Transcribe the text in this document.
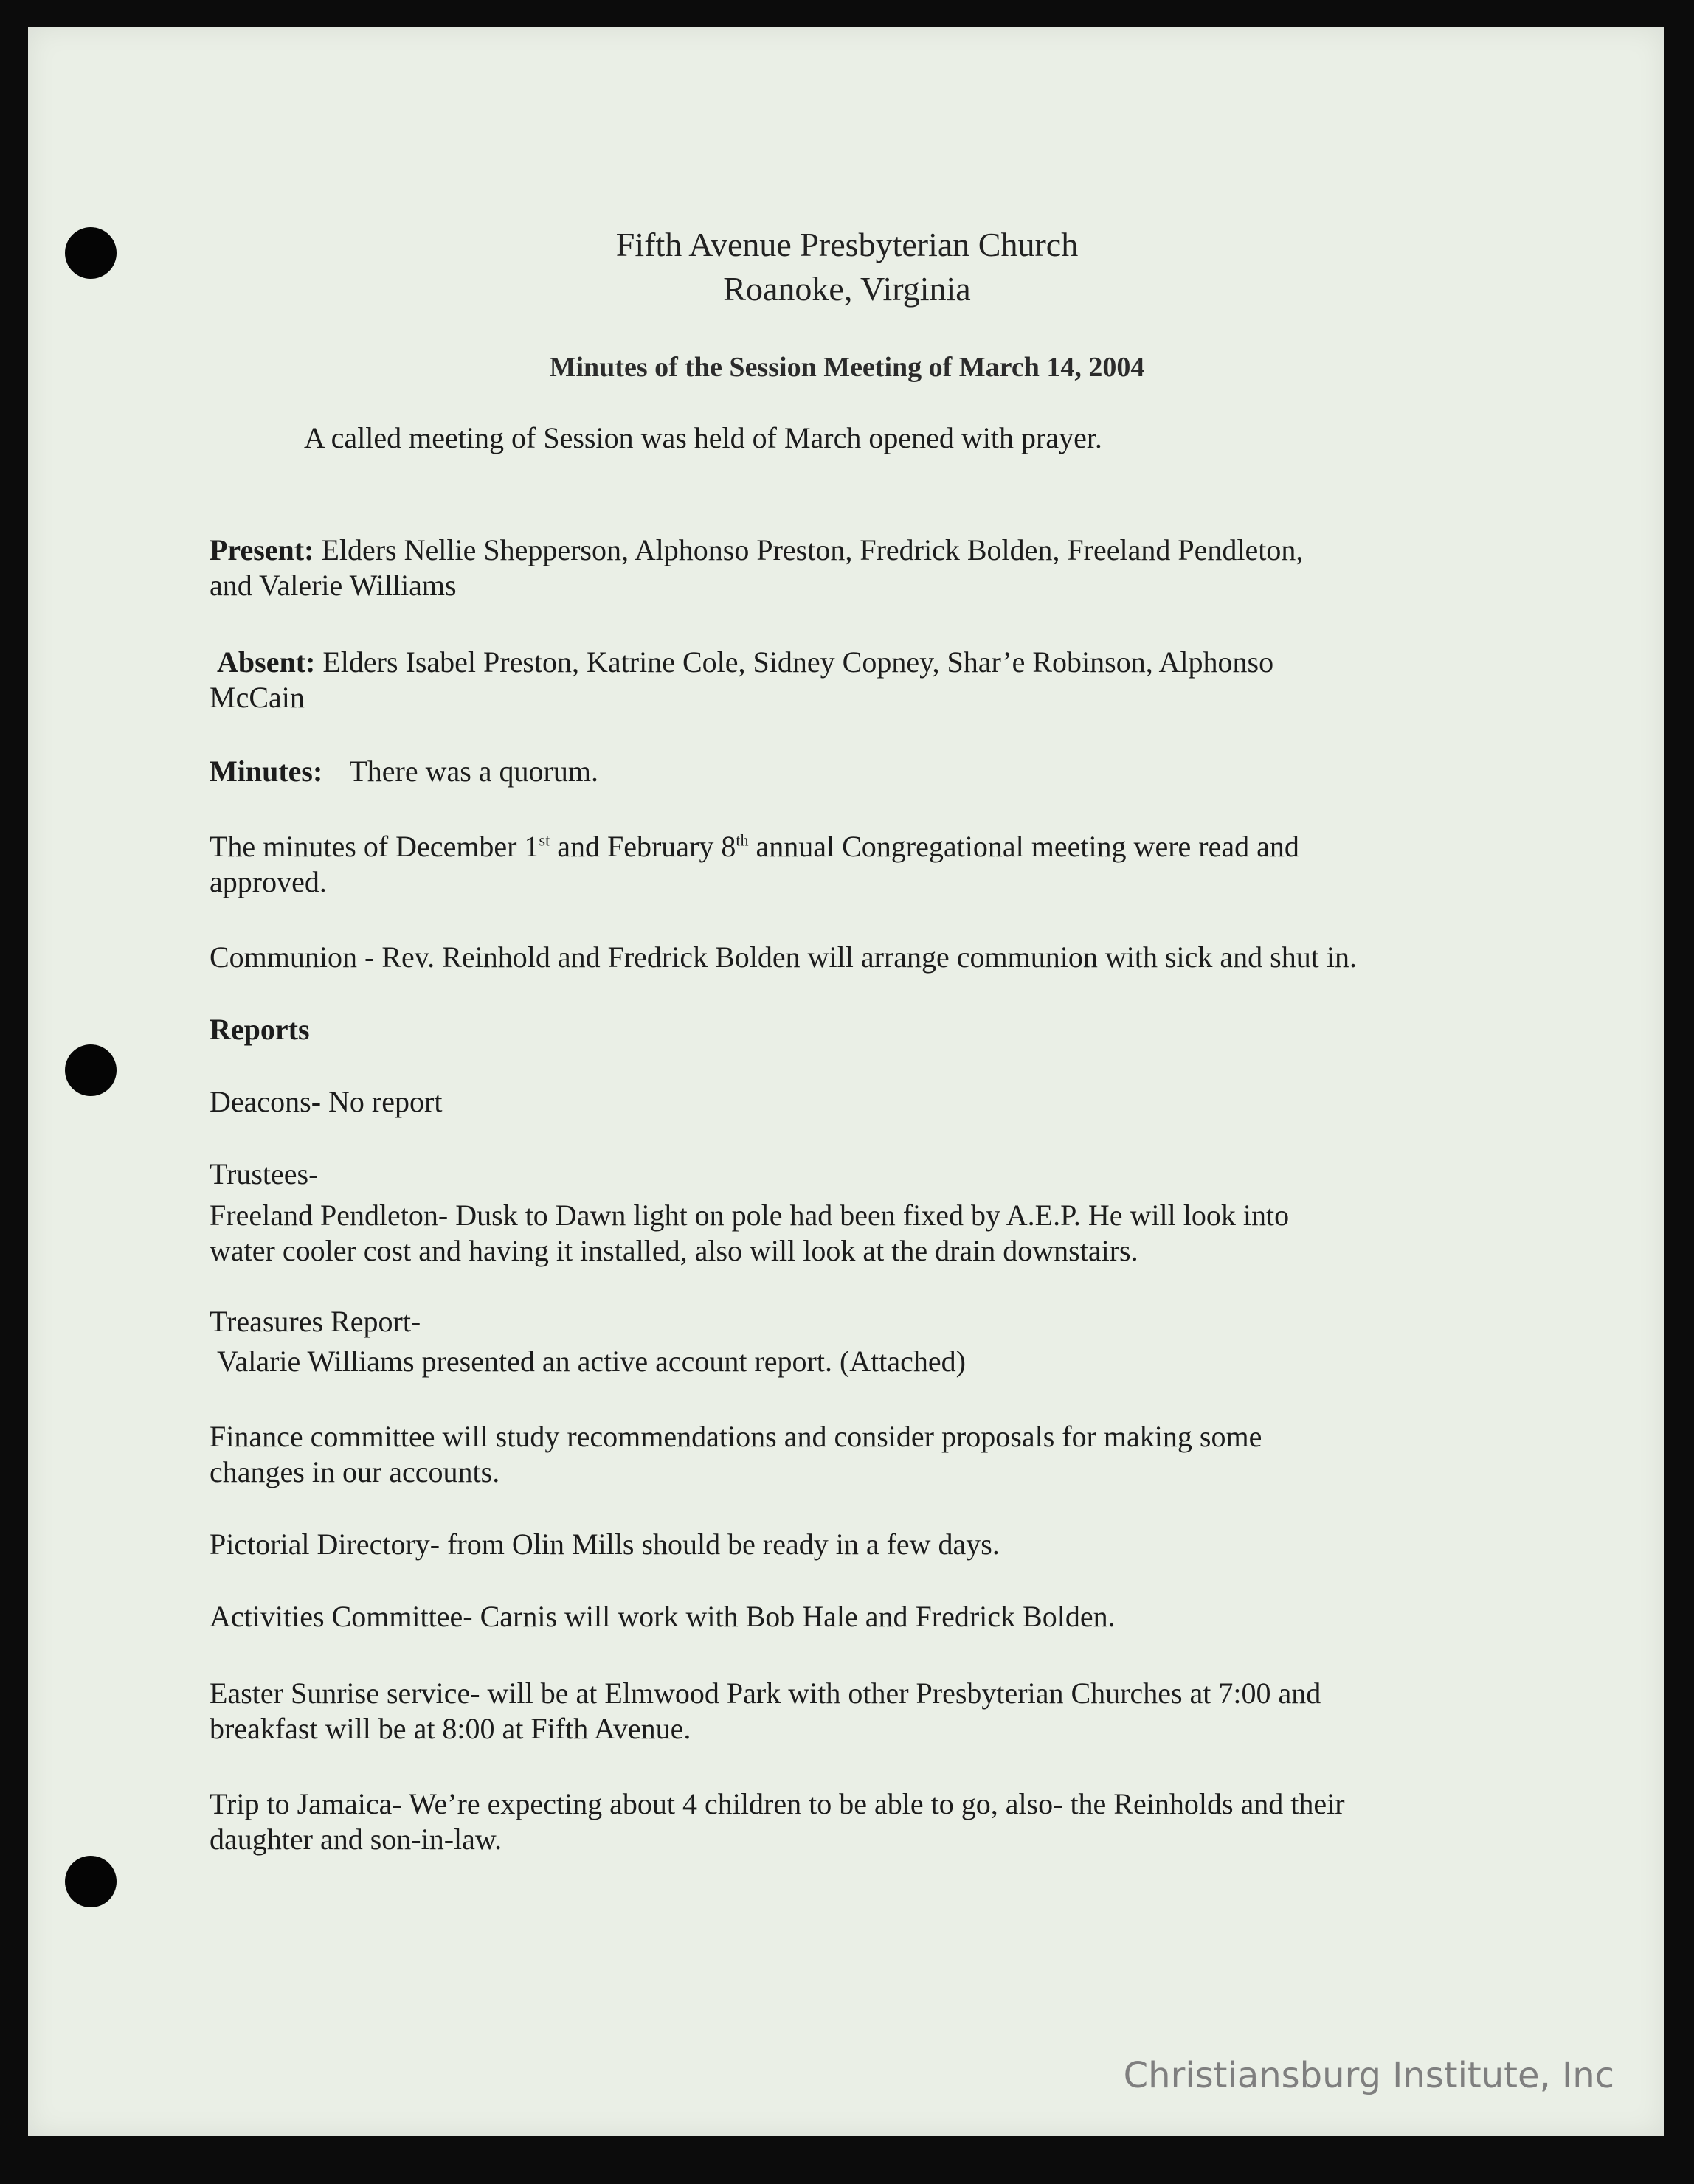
Fifth Avenue Presbyterian Church
Roanoke, Virginia
Minutes of the Session Meeting of March 14, 2004
A called meeting of Session was held of March opened with prayer.
Present: Elders Nellie Shepperson, Alphonso Preston, Fredrick Bolden, Freeland Pendleton,
and Valerie Williams
Absent: Elders Isabel Preston, Katrine Cole, Sidney Copney, Shar’e Robinson, Alphonso
McCain
Minutes: There was a quorum.
The minutes of December 1st and February 8th annual Congregational meeting were read and
approved.
Communion - Rev. Reinhold and Fredrick Bolden will arrange communion with sick and shut in.
Reports
Deacons- No report
Trustees-
Freeland Pendleton- Dusk to Dawn light on pole had been fixed by A.E.P. He will look into
water cooler cost and having it installed, also will look at the drain downstairs.
Treasures Report-
Valarie Williams presented an active account report. (Attached)
Finance committee will study recommendations and consider proposals for making some
changes in our accounts.
Pictorial Directory- from Olin Mills should be ready in a few days.
Activities Committee- Carnis will work with Bob Hale and Fredrick Bolden.
Easter Sunrise service- will be at Elmwood Park with other Presbyterian Churches at 7:00 and
breakfast will be at 8:00 at Fifth Avenue.
Trip to Jamaica- We’re expecting about 4 children to be able to go, also- the Reinholds and their
daughter and son-in-law.
Christiansburg Institute, Inc
